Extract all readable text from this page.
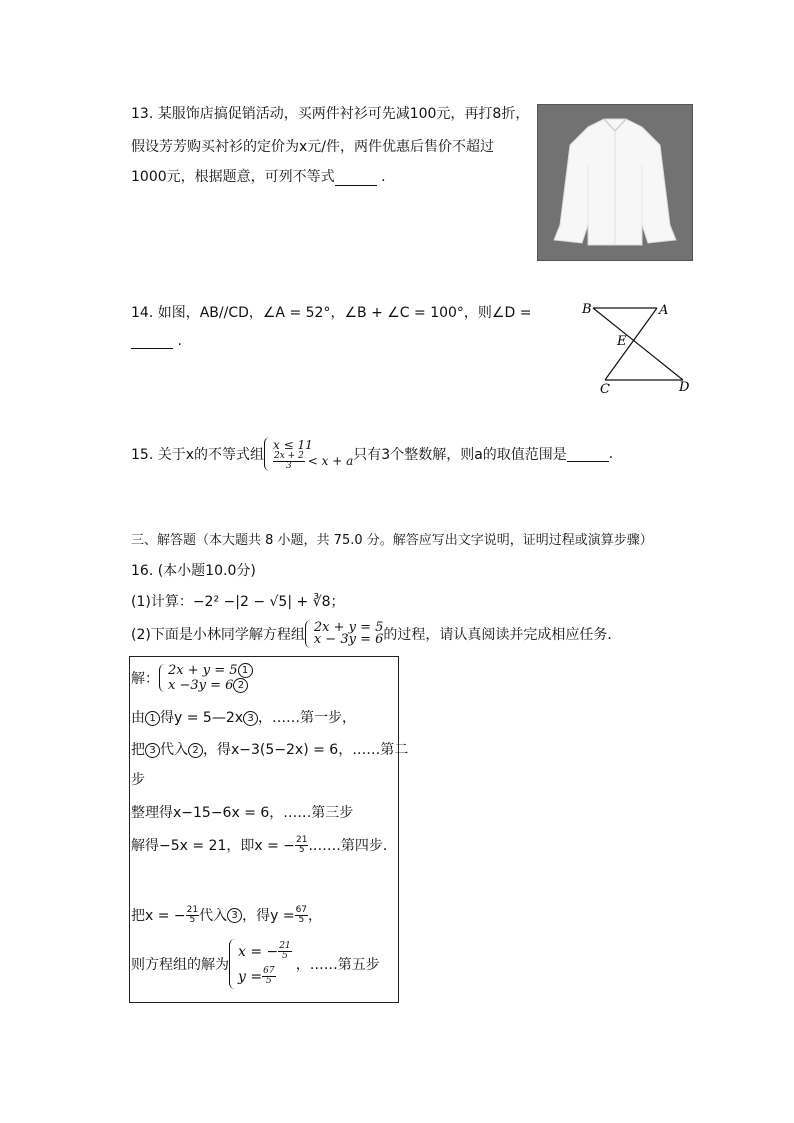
13. 某服饰店搞促销活动，买两件衬衫可先减100元，再打8折，
假设芳芳购买衬衫的定价为x元/件，两件优惠后售价不超过
1000元，根据题意，可列不等式	.
14. 如图，AB//CD，∠A = 52°，∠B + ∠C = 100°，则∠D =
.
B	A
E
C	D
15. 关于x的不等式组
x ≤ 11
$\frac{2x + 2}{3} < x + a$ 只有3个整数解，则a的取值范围是	.
三、解答题（本大题共 8 小题，共 75.0 分。解答应写出文字说明，证明过程或演算步骤）
16. (本小题10.0分)
(1)计算：−2² −|2 − √5| + ∛8；
(2)下面是小林同学解方程组 2x + y = 5
x − 3y = 6 的过程，请认真阅读并完成相应任务．
解：
2x + y = 5 1
x −3y = 6 2
由 1 得y = 5—2x 3 ，……第一步，
把 3 代入 2 ，得x−3(5−2x) = 6，……第二
步
整理得x−15−6x = 6，……第三步
解得−5x = 21，即x = − $\frac{21}{5}$ .……第四步．
把x = − $\frac{21}{5}$ 代入 3 ，得$y = \frac{67}{5}$ ，
则方程组的解为
x = − $\frac{21}{5}$
$y = \frac{67}{5}$
，……第五步
